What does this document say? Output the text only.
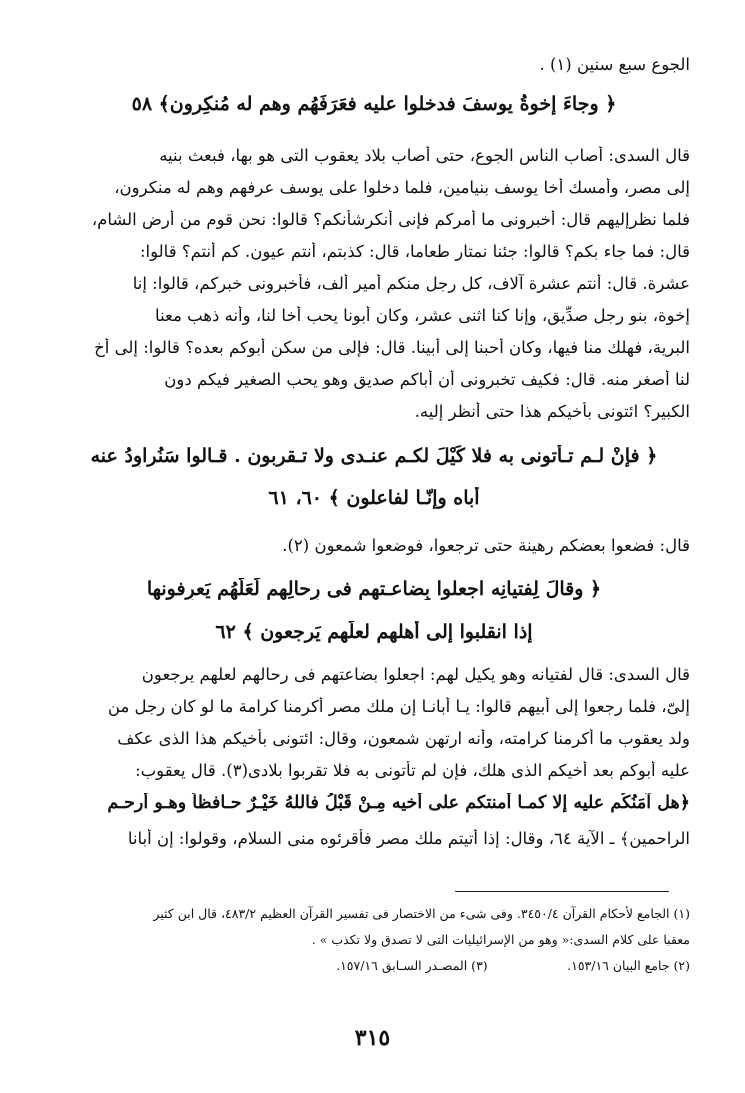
الجوع سبع سنين (١) .
﴿ وجاءَ إخوةُ يوسفَ فدخلوا عليه فعَرَفَهُم وهم له مُنكِرون﴾ ٥٨
قال السدى: أصاب الناس الجوع، حتى أصاب بلاد يعقوب التى هو بها، فبعث بنيه
إلى مصر، وأمسك أخا يوسف بنيامين، فلما دخلوا على يوسف عرفهم وهم له منكرون،
فلما نظرإليهم قال: أخبرونى ما أمركم فإنى أنكرشأنكم؟ قالوا: نحن قوم من أرض الشام،
قال: فما جاء بكم؟ قالوا: جئنا نمتار طعاما، قال: كذبتم، أنتم عيون. كم أنتم؟ قالوا:
عشرة. قال: أنتم عشرة آلاف، كل رجل منكم أمير ألف، فأخبرونى خبركم، قالوا: إنا
إخوة، بنو رجل صدِّيق، وإنا كنا اثنى عشر، وكان أبونا يحب أخا لنا، وأنه ذهب معنا
البرية، فهلك منا فيها، وكان أحبنا إلى أبينا. قال: فإلى من سكن أبوكم بعده؟ قالوا: إلى أخ
لنا أصغر منه. قال: فكيف تخبرونى أن أباكم صديق وهو يحب الصغير فيكم دون
الكبير؟ ائتونى بأخيكم هذا حتى أنظر إليه.
﴿ فإنْ لـم تـأتونى به فلا كَيْلَ لكـم عنـدى ولا تـقربون . قـالوا سَنُراوِدُ عنه
أباه وإنّـا لفاعلون ﴾ ٦٠، ٦١
قال: فضعوا بعضكم رهينة حتى ترجعوا، فوضعوا شمعون (٢).
﴿ وقالَ لِفتيانِه اجعلوا بِضاعـتهم فى رِحالِهم لَعَلَّهُم يَعرِفونها
إذا انقلبوا إلى أهلهم لعلّهم يَرجعون ﴾ ٦٢
قال السدى: قال لفتيانه وهو يكيل لهم: اجعلوا بضاعتهم فى رحالهم لعلهم يرجعون
إلىّ، فلما رجعوا إلى أبيهم قالوا: يـا أبانـا إن ملك مصر أكرمنا كرامة ما لو كان رجل من
ولد يعقوب ما أكرمنا كرامته، وأنه ارتهن شمعون، وقال: ائتونى بأخيكم هذا الذى عكف
عليه أبوكم بعد أخيكم الذى هلك، فإن لم تأتونى به فلا تقربوا بلادى(٣). قال يعقوب:
﴿هل آمَنُكُم عليه إلا كمـا أمنتكم على أخيه مِـنْ قَبْلُ فاللهُ خَيْـرٌ حـافظاً وهـو أرحـم
الراحمين﴾ ـ الآية ٦٤، وقال: إذا أتيتم ملك مصر فأقرئوه منى السلام، وقولوا: إن أبانا
(١) الجامع لأحكام القرآن ٣٤٥٠/٤. وفى شىء من الاختصار فى تفسير القرآن العظيم ٤٨٣/٢، قال ابن كثير
معقبا على كلام السدى:« وهو من الإسرائيليات التى لا تصدق ولا تكذب » .
(٢) جامع البيان ١٥٣/١٦.                    (٣) المصـدر السـابق ١٥٧/١٦.
٣١٥
